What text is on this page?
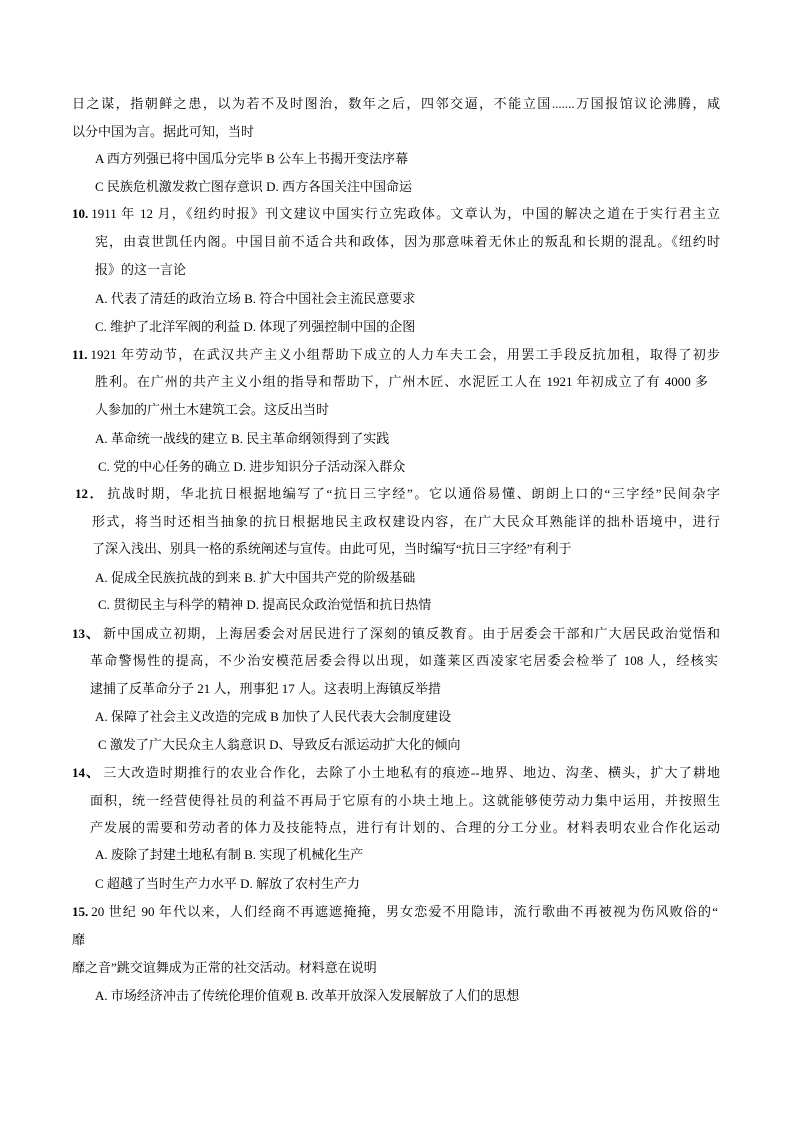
日之谋，指朝鲜之患，以为若不及时图治，数年之后，四邻交逼，不能立国.......万国报馆议论沸腾，咸
以分中国为言。据此可知，当时
A 西方列强已将中国瓜分完毕 B 公车上书揭开变法序幕
C 民族危机激发救亡图存意识 D. 西方各国关注中国命运
10. 1911 年 12 月，《纽约时报》刊文建议中国实行立宪政体。文章认为，中国的解决之道在于实行君主立
宪，由袁世凯任内阁。中国目前不适合共和政体，因为那意味着无休止的叛乱和长期的混乱。《纽约时
报》的这一言论
A. 代表了清廷的政治立场 B. 符合中国社会主流民意要求
C. 维护了北洋军阀的利益 D. 体现了列强控制中国的企图
11. 1921 年劳动节，在武汉共产主义小组帮助下成立的人力车夫工会，用罢工手段反抗加租，取得了初步
胜利。在广州的共产主义小组的指导和帮助下，广州木匠、水泥匠工人在 1921 年初成立了有 4000 多
人参加的广州土木建筑工会。这反出当时
A. 革命统一战线的建立 B. 民主革命纲领得到了实践
C. 党的中心任务的确立 D. 进步知识分子活动深入群众
12． 抗战时期，华北抗日根据地编写了“抗日三字经”。它以通俗易懂、朗朗上口的“三字经”民间杂字
形式，将当时还相当抽象的抗日根据地民主政权建设内容，在广大民众耳熟能详的拙朴语境中，进行
了深入浅出、别具一格的系统阐述与宣传。由此可见，当时编写“抗日三字经”有利于
A. 促成全民族抗战的到来 B. 扩大中国共产党的阶级基础
C. 贯彻民主与科学的精神 D. 提高民众政治觉悟和抗日热情
13、 新中国成立初期，上海居委会对居民进行了深刻的镇反教育。由于居委会干部和广大居民政治觉悟和
革命警惕性的提高，不少治安模范居委会得以出现，如蓬莱区西凌家宅居委会检举了 108 人，经核实
逮捕了反革命分子 21 人，刑事犯 17 人。这表明上海镇反举措
A. 保障了社会主义改造的完成 B 加快了人民代表大会制度建设
C 激发了广大民众主人翁意识 D、导致反右派运动扩大化的倾向
14、 三大改造时期推行的农业合作化，去除了小土地私有的痕迹--地界、地边、沟垄、横头，扩大了耕地
面积，统一经营使得社员的利益不再局于它原有的小块土地上。这就能够使劳动力集中运用，并按照生
产发展的需要和劳动者的体力及技能特点，进行有计划的、合理的分工分业。材料表明农业合作化运动
A. 废除了封建土地私有制 B. 实现了机械化生产
C 超越了当时生产力水平 D. 解放了农村生产力
15. 20 世纪 90 年代以来，人们经商不再遮遮掩掩，男女恋爱不用隐讳，流行歌曲不再被视为伤风败俗的“
靡
靡之音”跳交谊舞成为正常的社交活动。材料意在说明
A. 市场经济冲击了传统伦理价值观 B. 改革开放深入发展解放了人们的思想
